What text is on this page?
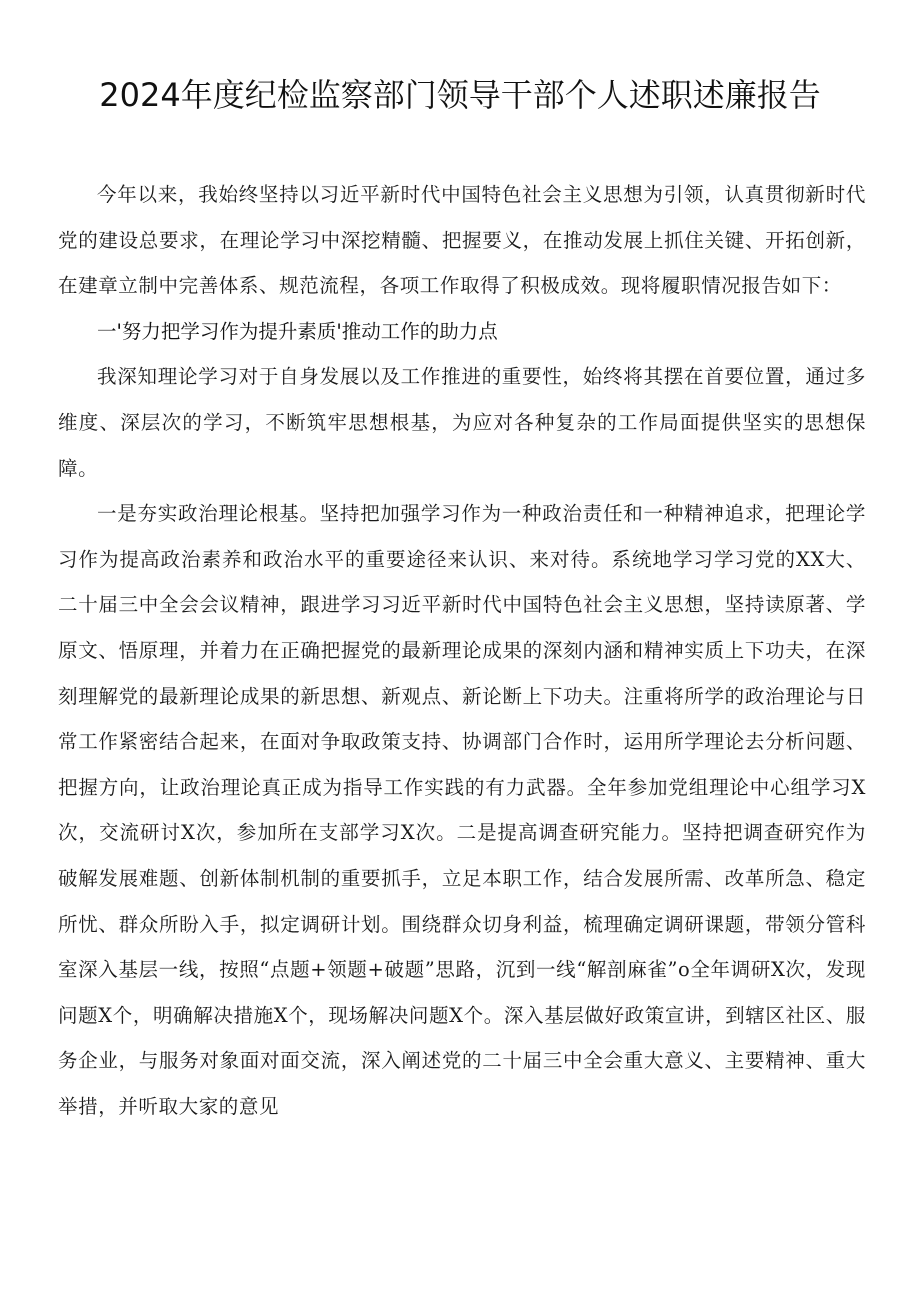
2024年度纪检监察部门领导干部个人述职述廉报告

今年以来，我始终坚持以习近平新时代中国特色社会主义思想为引领，认真贯彻新时代党的建设总要求，在理论学习中深挖精髓、把握要义，在推动发展上抓住关键、开拓创新，在建章立制中完善体系、规范流程，各项工作取得了积极成效。现将履职情况报告如下：

一'努力把学习作为提升素质'推动工作的助力点

我深知理论学习对于自身发展以及工作推进的重要性，始终将其摆在首要位置，通过多维度、深层次的学习，不断筑牢思想根基，为应对各种复杂的工作局面提供坚实的思想保障。

一是夯实政治理论根基。坚持把加强学习作为一种政治责任和一种精神追求，把理论学习作为提高政治素养和政治水平的重要途径来认识、来对待。系统地学习学习党的XX大、二十届三中全会会议精神，跟进学习习近平新时代中国特色社会主义思想，坚持读原著、学原文、悟原理，并着力在正确把握党的最新理论成果的深刻内涵和精神实质上下功夫，在深刻理解党的最新理论成果的新思想、新观点、新论断上下功夫。注重将所学的政治理论与日常工作紧密结合起来，在面对争取政策支持、协调部门合作时，运用所学理论去分析问题、把握方向，让政治理论真正成为指导工作实践的有力武器。全年参加党组理论中心组学习X次，交流研讨X次，参加所在支部学习X次。二是提高调查研究能力。坚持把调查研究作为破解发展难题、创新体制机制的重要抓手，立足本职工作，结合发展所需、改革所急、稳定所忧、群众所盼入手，拟定调研计划。围绕群众切身利益，梳理确定调研课题，带领分管科室深入基层一线，按照“点题+领题+破题”思路，沉到一线“解剖麻雀”o全年调研X次，发现问题X个，明确解决措施X个，现场解决问题X个。深入基层做好政策宣讲，到辖区社区、服务企业，与服务对象面对面交流，深入阐述党的二十届三中全会重大意义、主要精神、重大举措，并听取大家的意见
